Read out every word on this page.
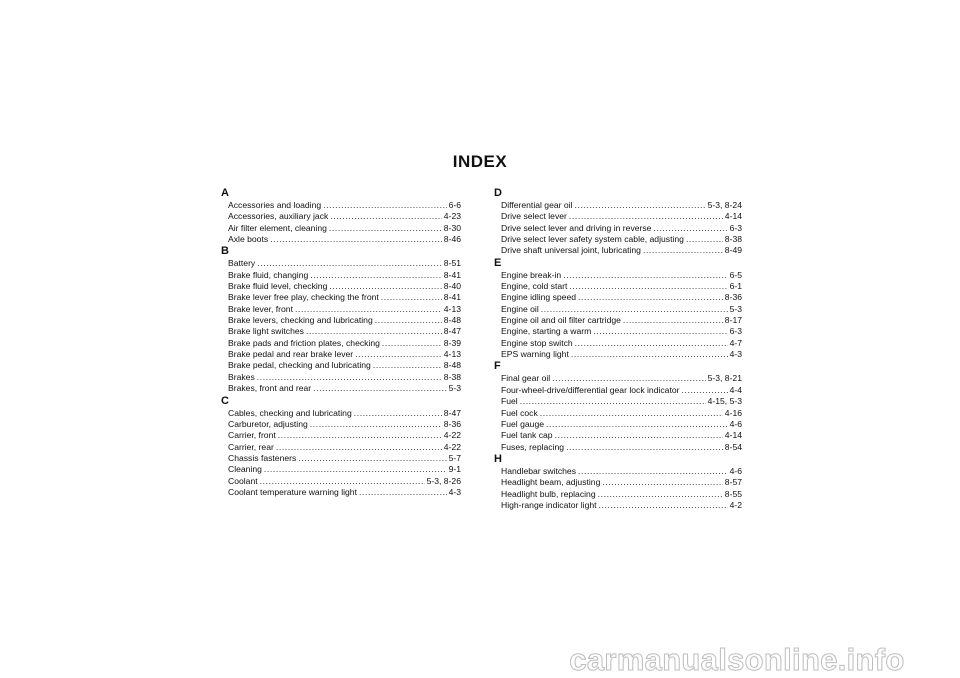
INDEX
A
Accessories and loading .....	6-6
Accessories, auxiliary jack .....	4-23
Air filter element, cleaning .....	8-30
Axle boots .....	8-46
B
Battery .....	8-51
Brake fluid, changing .....	8-41
Brake fluid level, checking .....	8-40
Brake lever free play, checking the front .....	8-41
Brake lever, front .....	4-13
Brake levers, checking and lubricating .....	8-48
Brake light switches .....	8-47
Brake pads and friction plates, checking .....	8-39
Brake pedal and rear brake lever .....	4-13
Brake pedal, checking and lubricating .....	8-48
Brakes .....	8-38
Brakes, front and rear .....	5-3
C
Cables, checking and lubricating .....	8-47
Carburetor, adjusting .....	8-36
Carrier, front .....	4-22
Carrier, rear .....	4-22
Chassis fasteners .....	5-7
Cleaning .....	9-1
Coolant .....	5-3, 8-26
Coolant temperature warning light .....	4-3
D
Differential gear oil .....	5-3, 8-24
Drive select lever .....	4-14
Drive select lever and driving in reverse .....	6-3
Drive select lever safety system cable, adjusting .....	8-38
Drive shaft universal joint, lubricating .....	8-49
E
Engine break-in .....	6-5
Engine, cold start .....	6-1
Engine idling speed .....	8-36
Engine oil .....	5-3
Engine oil and oil filter cartridge .....	8-17
Engine, starting a warm .....	6-3
Engine stop switch .....	4-7
EPS warning light .....	4-3
F
Final gear oil .....	5-3, 8-21
Four-wheel-drive/differential gear lock indicator .....	4-4
Fuel .....	4-15, 5-3
Fuel cock .....	4-16
Fuel gauge .....	4-6
Fuel tank cap .....	4-14
Fuses, replacing .....	8-54
H
Handlebar switches .....	4-6
Headlight beam, adjusting .....	8-57
Headlight bulb, replacing .....	8-55
High-range indicator light .....	4-2
carmanualsonline.info
